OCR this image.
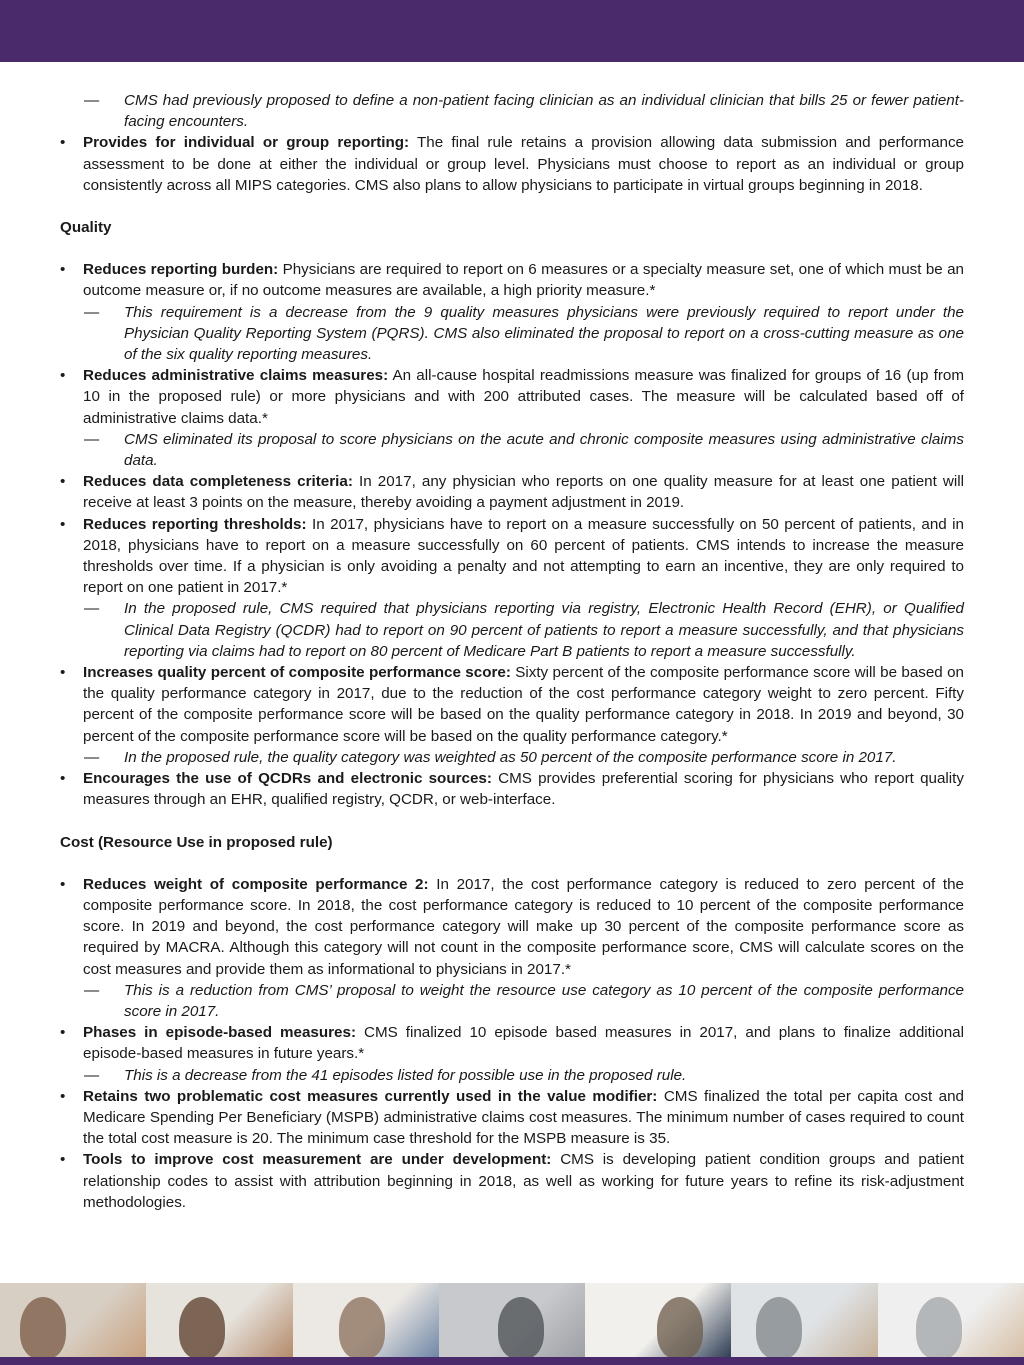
— CMS had previously proposed to define a non-patient facing clinician as an individual clinician that bills 25 or fewer patient-facing encounters.
•	Provides for individual or group reporting: The final rule retains a provision allowing data submission and performance assessment to be done at either the individual or group level. Physicians must choose to report as an individual or group consistently across all MIPS categories. CMS also plans to allow physicians to participate in virtual groups beginning in 2018.
Quality
•	Reduces reporting burden: Physicians are required to report on 6 measures or a specialty measure set, one of which must be an outcome measure or, if no outcome measures are available, a high priority measure.*
— This requirement is a decrease from the 9 quality measures physicians were previously required to report under the Physician Quality Reporting System (PQRS). CMS also eliminated the proposal to report on a cross-cutting measure as one of the six quality reporting measures.
•	Reduces administrative claims measures: An all-cause hospital readmissions measure was finalized for groups of 16 (up from 10 in the proposed rule) or more physicians and with 200 attributed cases. The measure will be calculated based off of administrative claims data.*
— CMS eliminated its proposal to score physicians on the acute and chronic composite measures using administrative claims data.
•	Reduces data completeness criteria: In 2017, any physician who reports on one quality measure for at least one patient will receive at least 3 points on the measure, thereby avoiding a payment adjustment in 2019.
•	Reduces reporting thresholds: In 2017, physicians have to report on a measure successfully on 50 percent of patients, and in 2018, physicians have to report on a measure successfully on 60 percent of patients. CMS intends to increase the measure thresholds over time. If a physician is only avoiding a penalty and not attempting to earn an incentive, they are only required to report on one patient in 2017.*
— In the proposed rule, CMS required that physicians reporting via registry, Electronic Health Record (EHR), or Qualified Clinical Data Registry (QCDR) had to report on 90 percent of patients to report a measure successfully, and that physicians reporting via claims had to report on 80 percent of Medicare Part B patients to report a measure successfully.
•	Increases quality percent of composite performance score: Sixty percent of the composite performance score will be based on the quality performance category in 2017, due to the reduction of the cost performance category weight to zero percent. Fifty percent of the composite performance score will be based on the quality performance category in 2018. In 2019 and beyond, 30 percent of the composite performance score will be based on the quality performance category.*
— In the proposed rule, the quality category was weighted as 50 percent of the composite performance score in 2017.
•	Encourages the use of QCDRs and electronic sources: CMS provides preferential scoring for physicians who report quality measures through an EHR, qualified registry, QCDR, or web-interface.
Cost (Resource Use in proposed rule)
•	Reduces weight of composite performance 2: In 2017, the cost performance category is reduced to zero percent of the composite performance score. In 2018, the cost performance category is reduced to 10 percent of the composite performance score. In 2019 and beyond, the cost performance category will make up 30 percent of the composite performance score as required by MACRA. Although this category will not count in the composite performance score, CMS will calculate scores on the cost measures and provide them as informational to physicians in 2017.*
— This is a reduction from CMS’ proposal to weight the resource use category as 10 percent of the composite performance score in 2017.
•	Phases in episode-based measures: CMS finalized 10 episode based measures in 2017, and plans to finalize additional episode-based measures in future years.*
— This is a decrease from the 41 episodes listed for possible use in the proposed rule.
•	Retains two problematic cost measures currently used in the value modifier: CMS finalized the total per capita cost and Medicare Spending Per Beneficiary (MSPB) administrative claims cost measures. The minimum number of cases required to count the total cost measure is 20. The minimum case threshold for the MSPB measure is 35.
•	Tools to improve cost measurement are under development: CMS is developing patient condition groups and patient relationship codes to assist with attribution beginning in 2018, as well as working for future years to refine its risk-adjustment methodologies.
